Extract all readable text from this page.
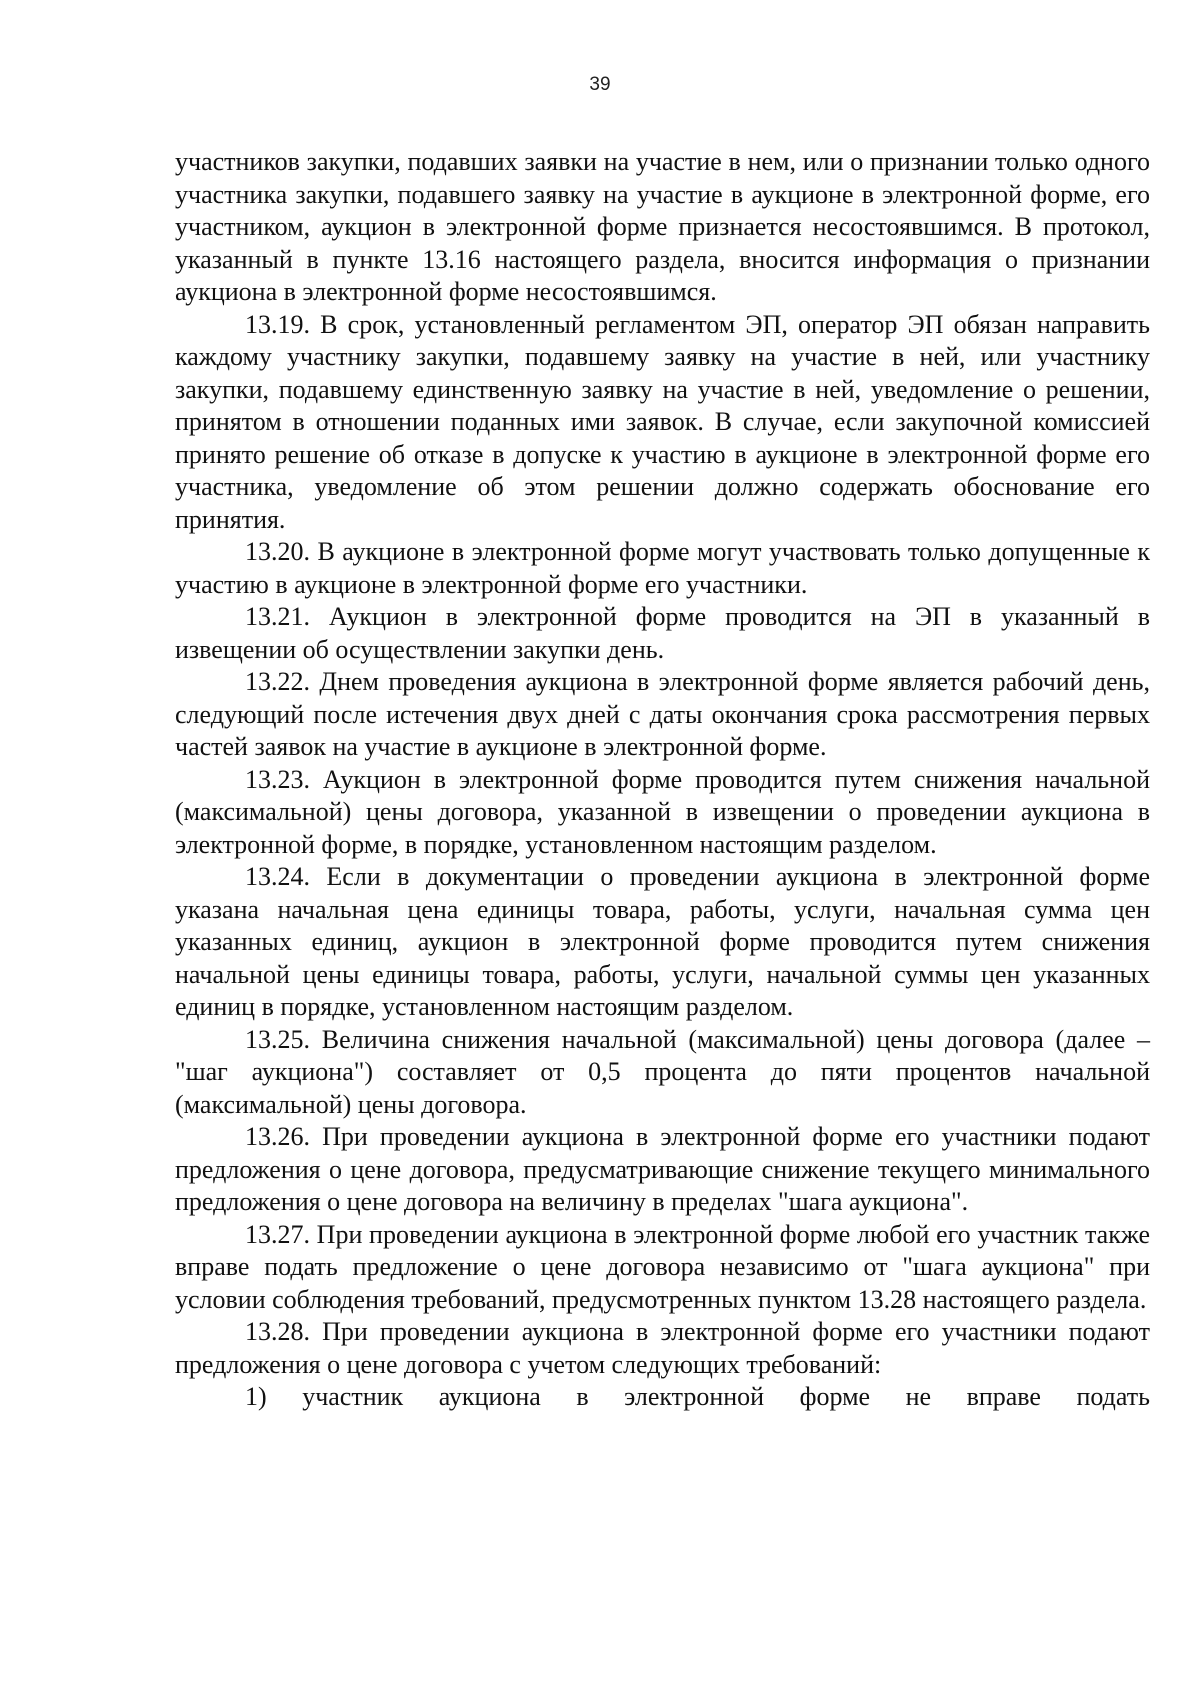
39

участников закупки, подавших заявки на участие в нем, или о признании только одного участника закупки, подавшего заявку на участие в аукционе в электронной форме, его участником, аукцион в электронной форме признается несостоявшимся. В протокол, указанный в пункте 13.16 настоящего раздела, вносится информация о признании аукциона в электронной форме несостоявшимся.

13.19. В срок, установленный регламентом ЭП, оператор ЭП обязан направить каждому участнику закупки, подавшему заявку на участие в ней, или участнику закупки, подавшему единственную заявку на участие в ней, уведомление о решении, принятом в отношении поданных ими заявок. В случае, если закупочной комиссией принято решение об отказе в допуске к участию в аукционе в электронной форме его участника, уведомление об этом решении должно содержать обоснование его принятия.

13.20. В аукционе в электронной форме могут участвовать только допущенные к участию в аукционе в электронной форме его участники.

13.21. Аукцион в электронной форме проводится на ЭП в указанный в извещении об осуществлении закупки день.

13.22. Днем проведения аукциона в электронной форме является рабочий день, следующий после истечения двух дней с даты окончания срока рассмотрения первых частей заявок на участие в аукционе в электронной форме.

13.23. Аукцион в электронной форме проводится путем снижения начальной (максимальной) цены договора, указанной в извещении о проведении аукциона в электронной форме, в порядке, установленном настоящим разделом.

13.24. Если в документации о проведении аукциона в электронной форме указана начальная цена единицы товара, работы, услуги, начальная сумма цен указанных единиц, аукцион в электронной форме проводится путем снижения начальной цены единицы товара, работы, услуги, начальной суммы цен указанных единиц в порядке, установленном настоящим разделом.

13.25. Величина снижения начальной (максимальной) цены договора (далее – "шаг аукциона") составляет от 0,5 процента до пяти процентов начальной (максимальной) цены договора.

13.26. При проведении аукциона в электронной форме его участники подают предложения о цене договора, предусматривающие снижение текущего минимального предложения о цене договора на величину в пределах "шага аукциона".

13.27. При проведении аукциона в электронной форме любой его участник также вправе подать предложение о цене договора независимо от "шага аукциона" при условии соблюдения требований, предусмотренных пунктом 13.28 настоящего раздела.

13.28. При проведении аукциона в электронной форме его участники подают предложения о цене договора с учетом следующих требований:

1) участник аукциона в электронной форме не вправе подать
